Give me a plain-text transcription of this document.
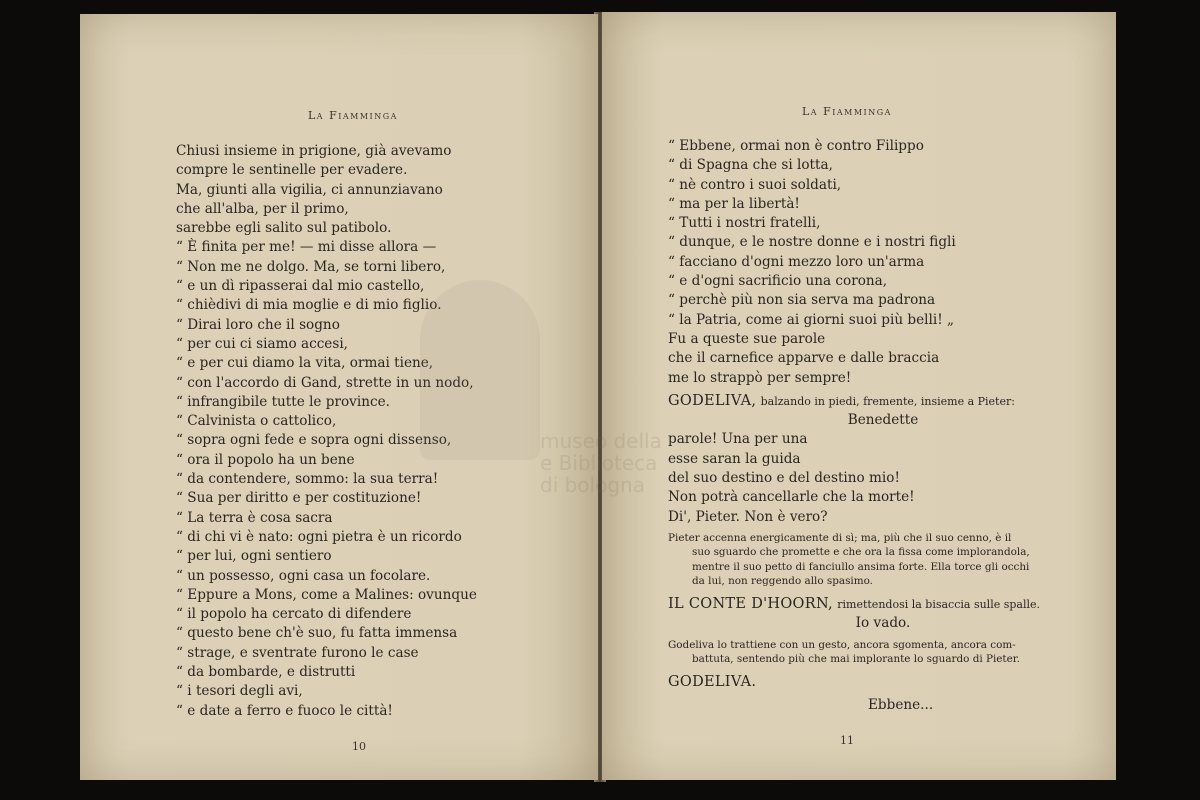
La Fiamminga
Chiusi insieme in prigione, già avevamo
compre le sentinelle per evadere.
Ma, giunti alla vigilia, ci annunziavano
che all'alba, per il primo,
sarebbe egli salito sul patibolo.
“ È finita per me! — mi disse allora —
“ Non me ne dolgo. Ma, se torni libero,
“ e un dì ripasserai dal mio castello,
“ chièdivi di mia moglie e di mio figlio.
“ Dirai loro che il sogno
“ per cui ci siamo accesi,
“ e per cui diamo la vita, ormai tiene,
“ con l'accordo di Gand, strette in un nodo,
“ infrangibile tutte le province.
“ Calvinista o cattolico,
“ sopra ogni fede e sopra ogni dissenso,
“ ora il popolo ha un bene
“ da contendere, sommo: la sua terra!
“ Sua per diritto e per costituzione!
“ La terra è cosa sacra
“ di chi vi è nato: ogni pietra è un ricordo
“ per lui, ogni sentiero
“ un possesso, ogni casa un focolare.
“ Eppure a Mons, come a Malines: ovunque
“ il popolo ha cercato di difendere
“ questo bene ch'è suo, fu fatta immensa
“ strage, e sventrate furono le case
“ da bombarde, e distrutti
“ i tesori degli avi,
“ e date a ferro e fuoco le città!
10
La Fiamminga
“ Ebbene, ormai non è contro Filippo
“ di Spagna che si lotta,
“ nè contro i suoi soldati,
“ ma per la libertà!
“ Tutti i nostri fratelli,
“ dunque, e le nostre donne e i nostri figli
“ facciano d'ogni mezzo loro un'arma
“ e d'ogni sacrificio una corona,
“ perchè più non sia serva ma padrona
“ la Patria, come ai giorni suoi più belli! „
Fu a queste sue parole
che il carnefice apparve e dalle braccia
me lo strappò per sempre!
GODELIVA, balzando in piedi, fremente, insieme a Pieter:
Benedette
parole! Una per una
esse saran la guida
del suo destino e del destino mio!
Non potrà cancellarle che la morte!
Di', Pieter. Non è vero?
Pieter accenna energicamente di sì; ma, più che il suo cenno, è il
suo sguardo che promette e che ora la fissa come implorandola,
mentre il suo petto di fanciullo ansima forte. Ella torce gli occhi
da lui, non reggendo allo spasimo.
IL CONTE D'HOORN, rimettendosi la bisaccia sulle spalle.
Io vado.
Godeliva lo trattiene con un gesto, ancora sgomenta, ancora com-
battuta, sentendo più che mai implorante lo sguardo di Pieter.
GODELIVA.
Ebbene...
11
